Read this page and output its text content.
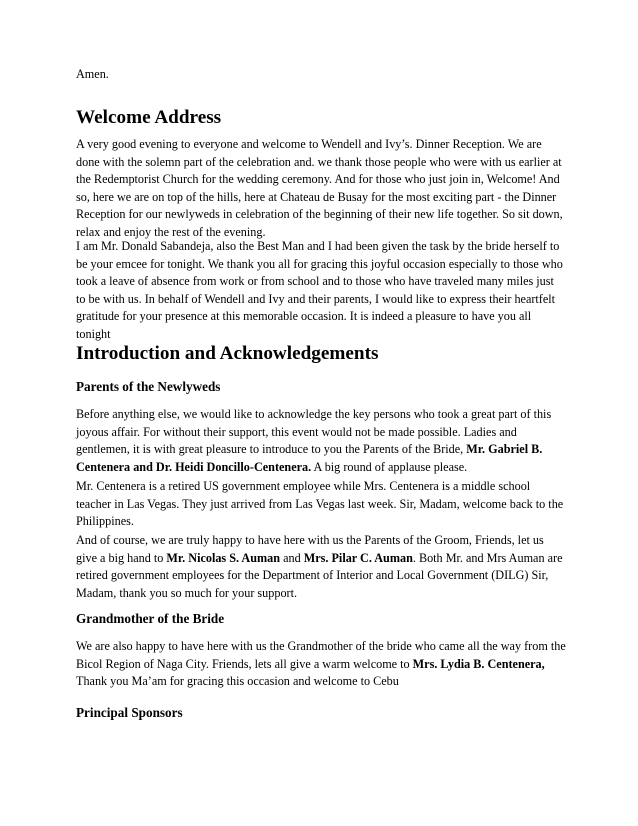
Amen.

Welcome Address

A very good evening to everyone and welcome to Wendell and Ivy’s. Dinner Reception. We are done with the solemn part of the celebration and. we thank those people who were with us earlier at the Redemptorist Church for the wedding ceremony. And for those who just join in, Welcome! And so, here we are on top of the hills, here at Chateau de Busay for the most exciting part - the Dinner Reception for our newlyweds in celebration of the beginning of their new life together. So sit down, relax and enjoy the rest of the evening.

I am Mr. Donald Sabandeja, also the Best Man and I had been given the task by the bride herself to be your emcee for tonight. We thank you all for gracing this joyful occasion especially to those who took a leave of absence from work or from school and to those who have traveled many miles just to be with us. In behalf of Wendell and Ivy and their parents, I would like to express their heartfelt gratitude for your presence at this memorable occasion. It is indeed a pleasure to have you all tonight

Introduction and Acknowledgements
Parents of the Newlyweds

Before anything else, we would like to acknowledge the key persons who took a great part of this joyous affair. For without their support, this event would not be made possible. Ladies and gentlemen, it is with great pleasure to introduce to you the Parents of the Bride, Mr. Gabriel B. Centenera and Dr. Heidi Doncillo-Centenera. A big round of applause please.

Mr. Centenera is a retired US government employee while Mrs. Centenera is a middle school teacher in Las Vegas. They just arrived from Las Vegas last week. Sir, Madam, welcome back to the Philippines.

And of course, we are truly happy to have here with us the Parents of the Groom, Friends, let us give a big hand to Mr. Nicolas S. Auman and Mrs. Pilar C. Auman. Both Mr. and Mrs Auman are retired government employees for the Department of Interior and Local Government (DILG) Sir, Madam, thank you so much for your support.

Grandmother of the Bride

We are also happy to have here with us the Grandmother of the bride who came all the way from the Bicol Region of Naga City. Friends, lets all give a warm welcome to Mrs. Lydia B. Centenera, Thank you Ma’am for gracing this occasion and welcome to Cebu

Principal Sponsors
